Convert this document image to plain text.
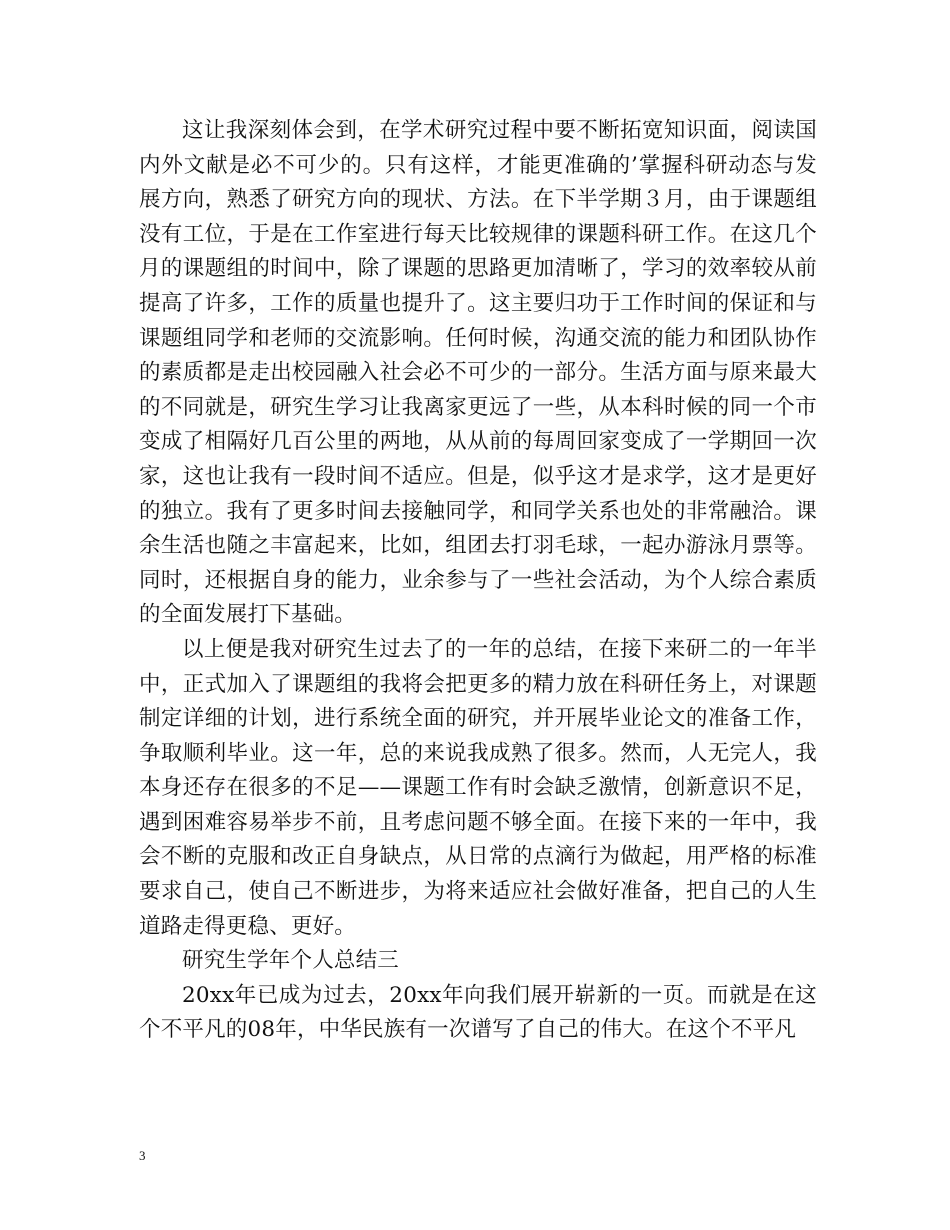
这让我深刻体会到，在学术研究过程中要不断拓宽知识面，阅读国内外文献是必不可少的。只有这样，才能更准确的’掌握科研动态与发展方向，熟悉了研究方向的现状、方法。在下半学期３月，由于课题组没有工位，于是在工作室进行每天比较规律的课题科研工作。在这几个月的课题组的时间中，除了课题的思路更加清晰了，学习的效率较从前提高了许多，工作的质量也提升了。这主要归功于工作时间的保证和与课题组同学和老师的交流影响。任何时候，沟通交流的能力和团队协作的素质都是走出校园融入社会必不可少的一部分。生活方面与原来最大的不同就是，研究生学习让我离家更远了一些，从本科时候的同一个市变成了相隔好几百公里的两地，从从前的每周回家变成了一学期回一次家，这也让我有一段时间不适应。但是，似乎这才是求学，这才是更好的独立。我有了更多时间去接触同学，和同学关系也处的非常融洽。课余生活也随之丰富起来，比如，组团去打羽毛球，一起办游泳月票等。同时，还根据自身的能力，业余参与了一些社会活动，为个人综合素质的全面发展打下基础。

以上便是我对研究生过去了的一年的总结，在接下来研二的一年半中，正式加入了课题组的我将会把更多的精力放在科研任务上，对课题制定详细的计划，进行系统全面的研究，并开展毕业论文的准备工作，争取顺利毕业。这一年，总的来说我成熟了很多。然而，人无完人，我本身还存在很多的不足——课题工作有时会缺乏激情，创新意识不足，遇到困难容易举步不前，且考虑问题不够全面。在接下来的一年中，我会不断的克服和改正自身缺点，从日常的点滴行为做起，用严格的标准要求自己，使自己不断进步，为将来适应社会做好准备，把自己的人生道路走得更稳、更好。

研究生学年个人总结三

20xx年已成为过去，20xx年向我们展开崭新的一页。而就是在这个不平凡的08年，中华民族有一次谱写了自己的伟大。在这个不平凡

3
